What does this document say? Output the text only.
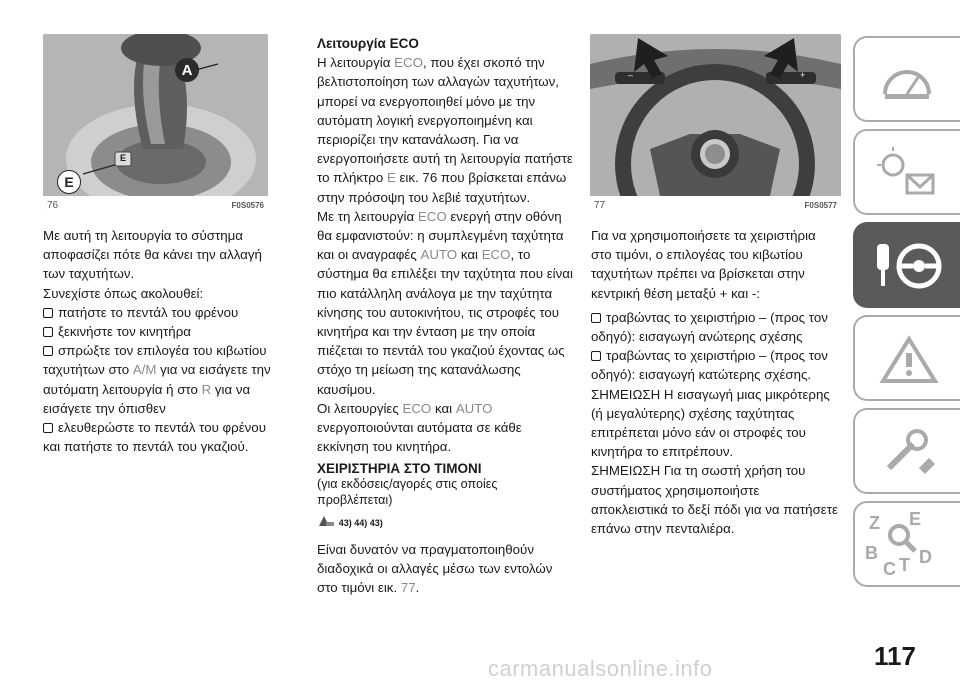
A
E
E
76	F0S0576
–	+
77	F0S0577

Με αυτή τη λειτουργία το σύστημα αποφασίζει πότε θα κάνει την αλλαγή των ταχυτήτων.

Συνεχίστε όπως ακολουθεί:

πατήστε το πεντάλ του φρένου

ξεκινήστε τον κινητήρα

σπρώξτε τον επιλογέα του κιβωτίου ταχυτήτων στο A/M για να εισάγετε την αυτόματη λειτουργία ή στο R για να εισάγετε την όπισθεν

ελευθερώστε το πεντάλ του φρένου και πατήστε το πεντάλ του γκαζιού.

Λειτουργία ECO

Η λειτουργία ECO, που έχει σκοπό την βελτιστοποίηση των αλλαγών ταχυτήτων, μπορεί να ενεργοποιηθεί μόνο με την αυτόματη λογική ενεργοποιημένη και περιορίζει την κατανάλωση. Για να ενεργοποιήσετε αυτή τη λειτουργία πατήστε το πλήκτρο E εικ. 76 που βρίσκεται επάνω στην πρόσοψη του λεβιέ ταχυτήτων.

Με τη λειτουργία ECO ενεργή στην οθόνη θα εμφανιστούν: η συμπλεγμένη ταχύτητα και οι αναγραφές AUTO και ECO, το σύστημα θα επιλέξει την ταχύτητα που είναι πιο κατάλληλη ανάλογα με την ταχύτητα κίνησης του αυτοκινήτου, τις στροφές του κινητήρα και την ένταση με την οποία πιέζεται το πεντάλ του γκαζιού έχοντας ως στόχο τη μείωση της κατανάλωσης καυσίμου.

Οι λειτουργίες ECO και AUTO ενεργοποιούνται αυτόματα σε κάθε εκκίνηση του κινητήρα.

ΧΕΙΡΙΣΤΗΡΙΑ ΣΤΟ ΤΙΜΟΝΙ

(για εκδόσεις/αγορές στις οποίες προβλέπεται)

43) 44) 43)

Είναι δυνατόν να πραγματοποιηθούν διαδοχικά οι αλλαγές μέσω των εντολών στο τιμόνι εικ. 77.

Για να χρησιμοποιήσετε τα χειριστήρια στο τιμόνι, ο επιλογέας του κιβωτίου ταχυτήτων πρέπει να βρίσκεται στην κεντρική θέση μεταξύ + και -:

τραβώντας το χειριστήριο – (προς τον οδηγό): εισαγωγή ανώτερης σχέσης

τραβώντας το χειριστήριο – (προς τον οδηγό): εισαγωγή κατώτερης σχέσης.

ΣΗΜΕΙΩΣΗ Η εισαγωγή μιας μικρότερης (ή μεγαλύτερης) σχέσης ταχύτητας επιτρέπεται μόνο εάν οι στροφές του κινητήρα το επιτρέπουν.

ΣΗΜΕΙΩΣΗ Για τη σωστή χρήση του συστήματος χρησιμοποιήστε αποκλειστικά το δεξί πόδι για να πατήσετε επάνω στην πενταλιέρα.	Z E
B
C T D
117
carmanualsonline.info
